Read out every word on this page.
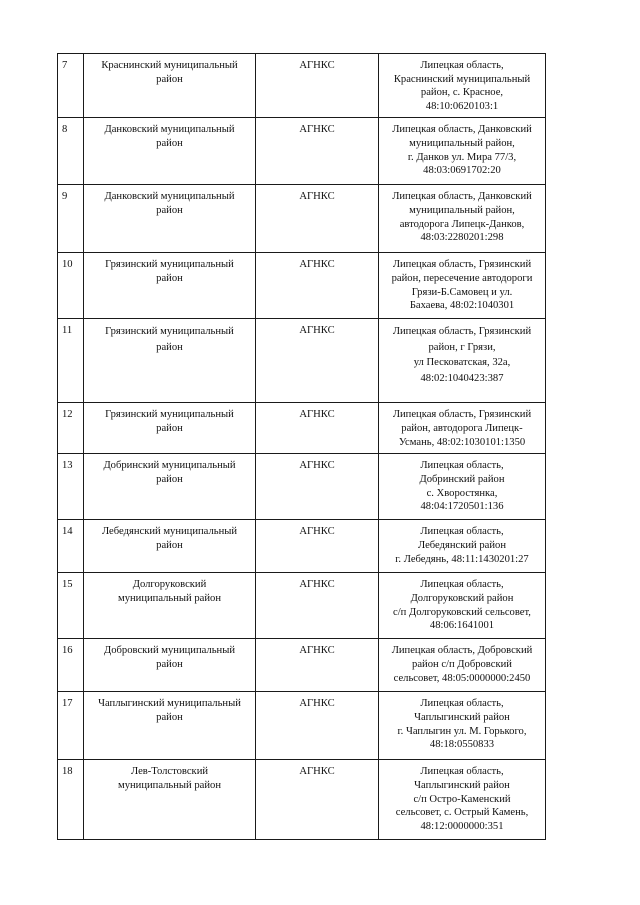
7	Краснинский муниципальный
район	АГНКС	Липецкая область,
Краснинский муниципальный
район, с. Красное,
48:10:0620103:1

8	Данковский муниципальный
район	АГНКС	Липецкая область, Данковский
муниципальный район,
г. Данков ул. Мира 77/3,
48:03:0691702:20

9	Данковский муниципальный
район	АГНКС	Липецкая область, Данковский
муниципальный район,
автодорога Липецк-Данков,
48:03:2280201:298

10	Грязинский муниципальный
район	АГНКС	Липецкая область, Грязинский
район, пересечение автодороги
Грязи-Б.Самовец и ул.
Бахаева, 48:02:1040301

11	Грязинский муниципальный
район	АГНКС	Липецкая область, Грязинский
район, г Грязи,
ул Песковатская, 32а,
48:02:1040423:387

12	Грязинский муниципальный
район	АГНКС	Липецкая область, Грязинский
район, автодорога Липецк-
Усмань, 48:02:1030101:1350

13	Добринский муниципальный
район	АГНКС	Липецкая область,
Добринский район
с. Хворостянка,
48:04:1720501:136

14	Лебедянский муниципальный
район	АГНКС	Липецкая область,
Лебедянский район
г. Лебедянь, 48:11:1430201:27

15	Долгоруковский
муниципальный район	АГНКС	Липецкая область,
Долгоруковский район
с/п Долгоруковский сельсовет,
48:06:1641001

16	Добровский муниципальный
район	АГНКС	Липецкая область, Добровский
район с/п Добровский
сельсовет, 48:05:0000000:2450

17	Чаплыгинский муниципальный
район	АГНКС	Липецкая область,
Чаплыгинский район
г. Чаплыгин ул. М. Горького,
48:18:0550833

18	Лев-Толстовский
муниципальный район	АГНКС	Липецкая область,
Чаплыгинский район
с/п Остро-Каменский
сельсовет, с. Острый Камень,
48:12:0000000:351
